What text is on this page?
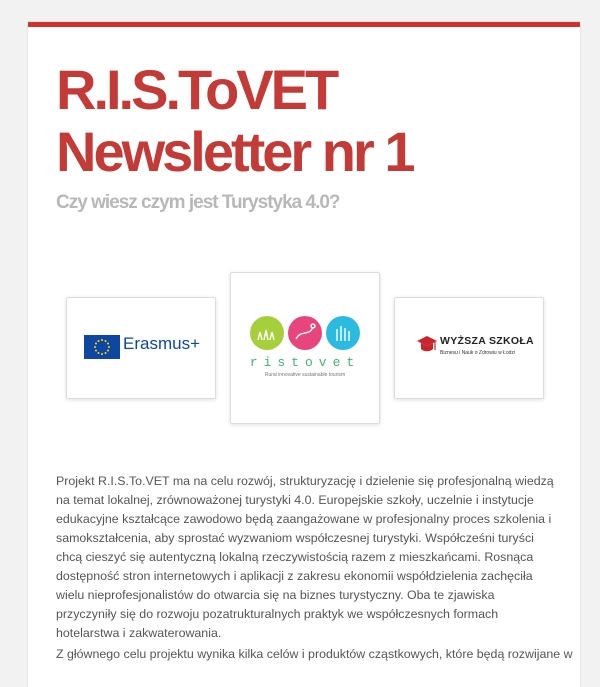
R.I.S.ToVET
Newsletter nr 1
Czy wiesz czym jest Turystyka 4.0?
Erasmus+
ristovet
Rural innovative sustainable tourism
WYŻSZA SZKOŁA
Biznesu i Nauk o Zdrowiu w Łodzi

Projekt R.I.S.To.VET ma na celu rozwój, strukturyzację i dzielenie się profesjonalną wiedzą na temat lokalnej, zrównoważonej turystyki 4.0. Europejskie szkoły, uczelnie i instytucje edukacyjne kształcące zawodowo będą zaangażowane w profesjonalny proces szkolenia i samokształcenia, aby sprostać wyzwaniom współczesnej turystyki. Współcześni turyści chcą cieszyć się autentyczną lokalną rzeczywistością razem z mieszkańcami. Rosnąca dostępność stron internetowych i aplikacji z zakresu ekonomii współdzielenia zachęciła wielu nieprofesjonalistów do otwarcia się na biznes turystyczny. Oba te zjawiska przyczyniły się do rozwoju pozatrukturalnych praktyk we współczesnych formach hotelarstwa i zakwaterowania.

Z głównego celu projektu wynika kilka celów i produktów cząstkowych, które będą rozwijane w
